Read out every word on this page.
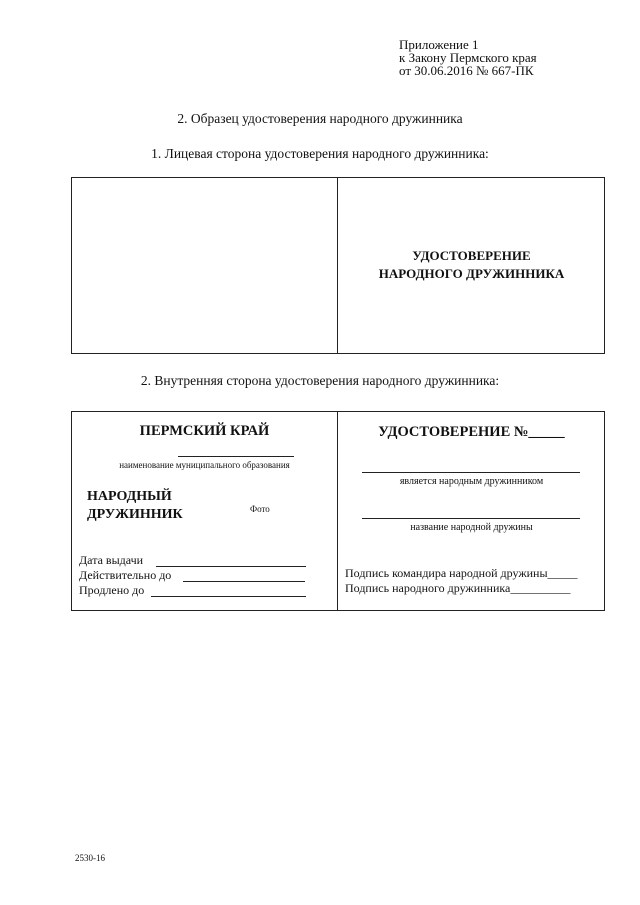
Приложение 1
к Закону Пермского края
от 30.06.2016 № 667-ПК
2. Образец удостоверения народного дружинника
1. Лицевая сторона удостоверения народного дружинника:
УДОСТОВЕРЕНИЕ
НАРОДНОГО ДРУЖИННИКА
2. Внутренняя сторона удостоверения народного дружинника:
ПЕРМСКИЙ КРАЙ
наименование муниципального образования
НАРОДНЫЙ
ДРУЖИННИК	Фото
Дата выдачи
Действительно до
Продлено до
УДОСТОВЕРЕНИЕ №_____
является народным дружинником
название народной дружины
Подпись командира народной дружины_____
Подпись народного дружинника__________
2530-16
